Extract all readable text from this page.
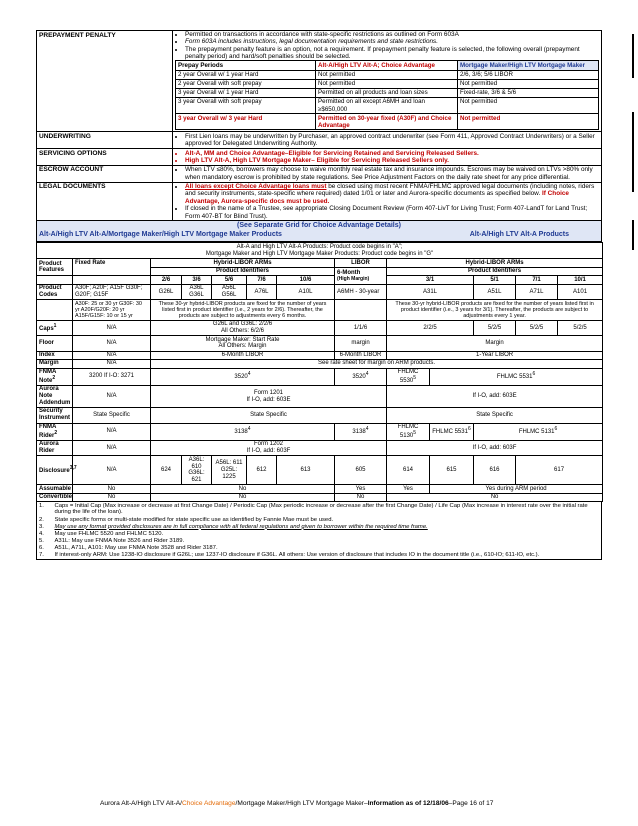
PREPAYMENT PENALTY	
•Permitted on transactions in accordance with state-specific restrictions as outlined on Form 603A
• Form 603A includes instructions, legal documentation requirements and state restrictions.
• The prepayment penalty feature is an option, not a requirement. If prepayment penalty feature is selected, the following overall (prepayment penalty period) and hard/soft penalties should be selected.
Prepay Periods	Alt-A/High LTV Alt-A; Choice Advantage	Mortgage Maker/High LTV Mortgage Maker
2 year Overall w/ 1 year Hard	Not permitted	2/6, 3/6; 5/6 LIBOR
2 year Overall with soft prepay	Not permitted	Not permitted
3 year Overall w/ 1 year Hard	Permitted on all products and loan sizes	Fixed-rate, 3/6 & 5/6
3 year Overall with soft prepay	Permitted on all except A6MH and loan ≥$650,000	Not permitted
3 year Overall w/ 3 year Hard	Permitted on 30-year fixed (A30F) and Choice Advantage	Not permitted

UNDERWRITING	
•First Lien loans may be underwritten by Purchaser, an approved contract underwriter (see Form 411, Approved Contract Underwriters) or a Seller approved for Delegated Underwriting Authority.

SERVICING OPTIONS	
•Alt-A, MM and Choice Advantage–Eligible for Servicing Retained and Servicing Released Sellers.
• High LTV Alt-A, High LTV Mortgage Maker– Eligible for Servicing Released Sellers only.

ESCROW ACCOUNT	
•When LTV ≤80%, borrowers may choose to waive monthly real estate tax and insurance impounds. Escrows may be waived on LTVs >80% only when mandatory escrow is prohibited by state regulations. See Price Adjustment Factors on the daily rate sheet for any price differential.

LEGAL DOCUMENTS	
•All loans except Choice Advantage loans must be closed using most recent FNMA/FHLMC approved legal documents (including notes, riders and security instruments, state-specific where required) dated 1/01 or later and Aurora-specific documents as specified below. If Choice Advantage, Aurora-specific docs must be used.
• If closed in the name of a Trustee, see appropriate Closing Document Review (Form 407-LivT for Living Trust; Form 407-LandT for Land Trust; Form 407-BT for Blind Trust).

(See Separate Grid for Choice Advantage Details)
Alt-A/High LTV Alt-A/Mortgage Maker/High LTV Mortgage Maker Products	Alt-A/High LTV Alt-A Products
Alt-A and High LTV Alt-A Products: Product code begins in "A";
Mortgage Maker and High LTV Mortgage Maker Products: Product code begins in "G"												

Product Features	Fixed Rate	Hybrid-LIBOR ARMs					LIBOR	Hybrid-LIBOR ARMs				
		Product Identifiers					6-Month
(High Margin)	Product Identifiers				
		2/6	3/6	5/6	7/6	10/6		3/1		5/1	7/1	10/1
Product Codes	A30F; A20F; A15F G30F; G20F; G15F	G26L	A36L G36L	A56L G56L	A76L	A10L	A6MH - 30-year	A31L		A51L	A71L	A101
	A30F: 25 or 30 yr G30F: 30 yr A20F/G20F: 20 yr A15F/G15F: 10 or 15 yr	These 30-yr hybrid-LIBOR products are fixed for the number of years listed first in product identifier (i.e., 2 years for 2/6). Thereafter, the products are subject to adjustments every 6 months.						These 30-yr hybrid-LIBOR products are fixed for the number of years listed first in product identifier (i.e., 3 years for 3/1). Thereafter, the products are subject to adjustments every 1 year.				
Caps$^1$	N/A	G26L and G36L: 2/2/6
All Others: 6/2/6					1/1/6	2/2/5		5/2/5	5/2/5	5/2/5
Floor	N/A	Mortgage Maker: Start Rate
All Others: Margin					margin	Margin				
Index	N/A	6-Month LIBOR					6-Month LIBOR	1-Year LIBOR				
Margin	N/A	See rate sheet for margin on ARM products.										
FNMA Note$^2$	3200 If I-O: 3271	3520$^4$					3520$^4$	FHLMC 5530$^5$	FHLMC 5531$^6$
Aurora Note Addendum	N/A	Form 1201
If I-O, add: 603E						If I-O, add: 603E				
Security Instrument	State Specific	State Specific						State Specific				
FNMA Rider$^2$	N/A	3138$^4$					3138$^4$	FHLMC 5130$^5$	FHLMC 5531$^6$	FHLMC 5131$^6$
Aurora Rider	N/A	Form 1202
If I-O, add: 603F						If I-O, add: 603F				
Disclosure$^{3,7}$	N/A	624	A36L: 610 G36L: 621	A56L: 611 G25L: 1225	612	613	605	614	615	616	617	
Assumable	No	No					Yes	Yes	Yes during ARM period			
Convertible	No	No					No	No				
1.	Caps = Initial Cap (Max increase or decrease at first Change Date) / Periodic Cap (Max periodic increase or decrease after the first Change Date) / Life Cap (Max increase in interest rate over the initial rate during the life of the loan).
2.	State specific forms or multi-state modified for state specific use as identified by Fannie Mae must be used.
3.	May use any format provided disclosures are in full compliance with all federal regulations and given to borrower within the required time frame.
4.	May use FHLMC 5520 and FHLMC 5120.
5.	A31L: May use FNMA Note 3526 and Rider 3189.
6.	A51L, A71L, A101: May use FNMA Note 3528 and Rider 3187.
7.	If interest-only ARM: Use 1238-IO disclosure if G26L; use 1237-IO disclosure if G36L. All others: Use version of disclosure that includes IO in the document title (i.e., 610-IO; 611-IO, etc.).
Aurora Alt-A/High LTV Alt-A/Choice Advantage/Mortgage Maker/High LTV Mortgage Maker–Information as of 12/18/06–Page 16 of 17
